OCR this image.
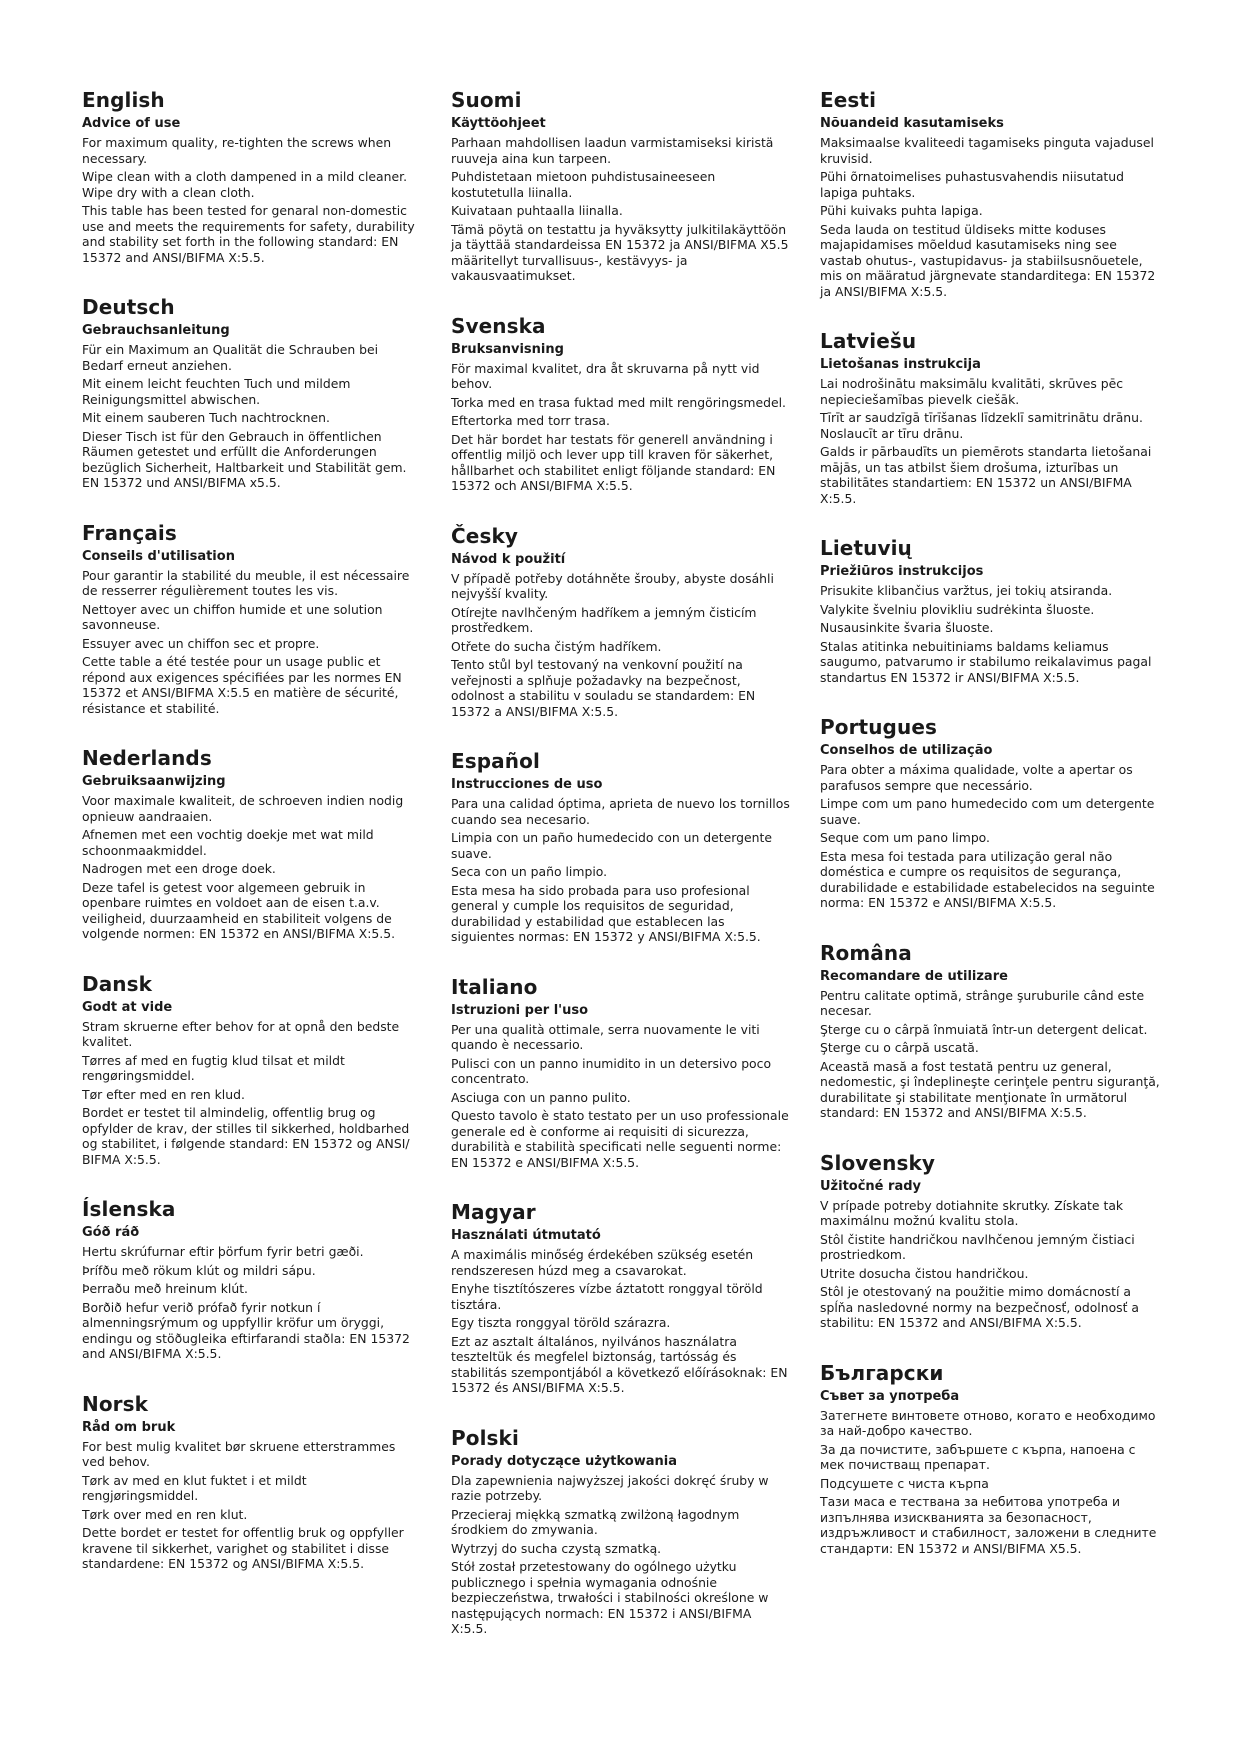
English
Advice of use

For maximum quality, re-tighten the screws when necessary.

Wipe clean with a cloth dampened in a mild cleaner. Wipe dry with a clean cloth.

This table has been tested for genaral non-domestic use and meets the requirements for safety, durability and stability set forth in the following standard: EN 15372 and ANSI/BIFMA X:5.5.

Deutsch
Gebrauchsanleitung

Für ein Maximum an Qualität die Schrauben bei Bedarf erneut anziehen.

Mit einem leicht feuchten Tuch und mildem Reinigungsmittel abwischen.

Mit einem sauberen Tuch nachtrocknen.

Dieser Tisch ist für den Gebrauch in öffentlichen Räumen getestet und erfüllt die Anforderungen bezüglich Sicherheit, Haltbarkeit und Stabilität gem. EN 15372 und ANSI/BIFMA x5.5.

Français
Conseils d'utilisation

Pour garantir la stabilité du meuble, il est nécessaire de resserrer régulièrement toutes les vis.

Nettoyer avec un chiffon humide et une solution savonneuse.

Essuyer avec un chiffon sec et propre.

Cette table a été testée pour un usage public et répond aux exigences spécifiées par les normes EN 15372 et ANSI/BIFMA X:5.5 en matière de sécurité, résistance et stabilité.

Nederlands
Gebruiksaanwijzing

Voor maximale kwaliteit, de schroeven indien nodig opnieuw aandraaien.

Afnemen met een vochtig doekje met wat mild schoonmaakmiddel.

Nadrogen met een droge doek.

Deze tafel is getest voor algemeen gebruik in openbare ruimtes en voldoet aan de eisen t.a.v. veiligheid, duurzaamheid en stabiliteit volgens de volgende normen: EN 15372 en ANSI/BIFMA X:5.5.

Dansk
Godt at vide

Stram skruerne efter behov for at opnå den bedste kvalitet.

Tørres af med en fugtig klud tilsat et mildt rengøringsmiddel.

Tør efter med en ren klud.

Bordet er testet til almindelig, offentlig brug og opfylder de krav, der stilles til sikkerhed, holdbarhed og stabilitet, i følgende standard: EN 15372 og ANSI/ BIFMA X:5.5.

Íslenska
Góð ráð

Hertu skrúfurnar eftir þörfum fyrir betri gæði.

Þrífðu með rökum klút og mildri sápu.

Þerraðu með hreinum klút.

Borðið hefur verið prófað fyrir notkun í almenningsrýmum og uppfyllir kröfur um öryggi, endingu og stöðugleika eftirfarandi staðla: EN 15372 and ANSI/BIFMA X:5.5.

Norsk
Råd om bruk

For best mulig kvalitet bør skruene etterstrammes ved behov.

Tørk av med en klut fuktet i et mildt rengjøringsmiddel.

Tørk over med en ren klut.

Dette bordet er testet for offentlig bruk og oppfyller kravene til sikkerhet, varighet og stabilitet i disse standardene: EN 15372 og ANSI/BIFMA X:5.5.

Suomi
Käyttöohjeet

Parhaan mahdollisen laadun varmistamiseksi kiristä ruuveja aina kun tarpeen.

Puhdistetaan mietoon puhdistusaineeseen kostutetulla liinalla.

Kuivataan puhtaalla liinalla.

Tämä pöytä on testattu ja hyväksytty julkitilakäyttöön ja täyttää standardeissa EN 15372 ja ANSI/BIFMA X5.5 määritellyt turvallisuus-, kestävyys- ja vakausvaatimukset.

Svenska
Bruksanvisning

För maximal kvalitet, dra åt skruvarna på nytt vid behov.

Torka med en trasa fuktad med milt rengöringsmedel.

Eftertorka med torr trasa.

Det här bordet har testats för generell användning i offentlig miljö och lever upp till kraven för säkerhet, hållbarhet och stabilitet enligt följande standard: EN 15372 och ANSI/BIFMA X:5.5.

Česky
Návod k použití

V případě potřeby dotáhněte šrouby, abyste dosáhli nejvyšší kvality.

Otírejte navlhčeným hadříkem a jemným čisticím prostředkem.

Otřete do sucha čistým hadříkem.

Tento stůl byl testovaný na venkovní použití na veřejnosti a splňuje požadavky na bezpečnost, odolnost a stabilitu v souladu se standardem: EN 15372 a ANSI/BIFMA X:5.5.

Español
Instrucciones de uso

Para una calidad óptima, aprieta de nuevo los tornillos cuando sea necesario.

Limpia con un paño humedecido con un detergente suave.

Seca con un paño limpio.

Esta mesa ha sido probada para uso profesional general y cumple los requisitos de seguridad, durabilidad y estabilidad que establecen las siguientes normas: EN 15372 y ANSI/BIFMA X:5.5.

Italiano
Istruzioni per l'uso

Per una qualità ottimale, serra nuovamente le viti quando è necessario.

Pulisci con un panno inumidito in un detersivo poco concentrato.

Asciuga con un panno pulito.

Questo tavolo è stato testato per un uso professionale generale ed è conforme ai requisiti di sicurezza, durabilità e stabilità specificati nelle seguenti norme: EN 15372 e ANSI/BIFMA X:5.5.

Magyar
Használati útmutató

A maximális minőség érdekében szükség esetén rendszeresen húzd meg a csavarokat.

Enyhe tisztítószeres vízbe áztatott ronggyal töröld tisztára.

Egy tiszta ronggyal töröld szárazra.

Ezt az asztalt általános, nyilvános használatra teszteltük és megfelel biztonság, tartósság és stabilitás szempontjából a következő előírásoknak: EN 15372 és ANSI/BIFMA X:5.5.

Polski
Porady dotyczące użytkowania

Dla zapewnienia najwyższej jakości dokręć śruby w razie potrzeby.

Przecieraj miękką szmatką zwilżoną łagodnym środkiem do zmywania.

Wytrzyj do sucha czystą szmatką.

Stół został przetestowany do ogólnego użytku publicznego i spełnia wymagania odnośnie bezpieczeństwa, trwałości i stabilności określone w następujących normach: EN 15372 i ANSI/BIFMA X:5.5.

Eesti
Nõuandeid kasutamiseks

Maksimaalse kvaliteedi tagamiseks pinguta vajadusel kruvisid.

Pühi õrnatoimelises puhastusvahendis niisutatud lapiga puhtaks.

Pühi kuivaks puhta lapiga.

Seda lauda on testitud üldiseks mitte koduses majapidamises mõeldud kasutamiseks ning see vastab ohutus-, vastupidavus- ja stabiilsusnõuetele, mis on määratud järgnevate standarditega: EN 15372 ja ANSI/BIFMA X:5.5.

Latviešu
Lietošanas instrukcija

Lai nodrošinātu maksimālu kvalitāti, skrūves pēc nepieciešamības pievelk ciešāk.

Tīrīt ar saudzīgā tīrīšanas līdzeklī samitrinātu drānu. Noslaucīt ar tīru drānu.

Galds ir pārbaudīts un piemērots standarta lietošanai mājās, un tas atbilst šiem drošuma, izturības un stabilitātes standartiem: EN 15372 un ANSI/BIFMA X:5.5.

Lietuvių
Priežiūros instrukcijos

Prisukite klibančius varžtus, jei tokių atsiranda.

Valykite švelniu plovikliu sudrėkinta šluoste.

Nusausinkite švaria šluoste.

Stalas atitinka nebuitiniams baldams keliamus saugumo, patvarumo ir stabilumo reikalavimus pagal standartus EN 15372 ir ANSI/BIFMA X:5.5.

Portugues
Conselhos de utilização

Para obter a máxima qualidade, volte a apertar os parafusos sempre que necessário.

Limpe com um pano humedecido com um detergente suave.

Seque com um pano limpo.

Esta mesa foi testada para utilização geral não doméstica e cumpre os requisitos de segurança, durabilidade e estabilidade estabelecidos na seguinte norma: EN 15372 e ANSI/BIFMA X:5.5.

Româna
Recomandare de utilizare

Pentru calitate optimă, strânge şuruburile când este necesar.

Şterge cu o cârpă înmuiată într-un detergent delicat.

Şterge cu o cârpă uscată.

Această masă a fost testată pentru uz general, nedomestic, şi îndeplineşte cerinţele pentru siguranţă, durabilitate şi stabilitate menţionate în următorul standard: EN 15372 and ANSI/BIFMA X:5.5.

Slovensky
Užitočné rady

V prípade potreby dotiahnite skrutky. Získate tak maximálnu možnú kvalitu stola.

Stôl čistite handričkou navlhčenou jemným čistiaci prostriedkom.

Utrite dosucha čistou handričkou.

Stôl je otestovaný na použitie mimo domácností a spĺňa nasledovné normy na bezpečnosť, odolnosť a stabilitu: EN 15372 and ANSI/BIFMA X:5.5.

Български
Съвет за употреба

Затегнете винтовете отново, когато е необходимо за най-добро качество.

За да почистите, забършете с кърпа, напоена с мек почистващ препарат.

Подсушете с чиста кърпа

Тази маса е тествана за небитова употреба и изпълнява изискванията за безопасност, издръжливост и стабилност, заложени в следните стандарти: EN 15372 и ANSI/BIFMA X5.5.
